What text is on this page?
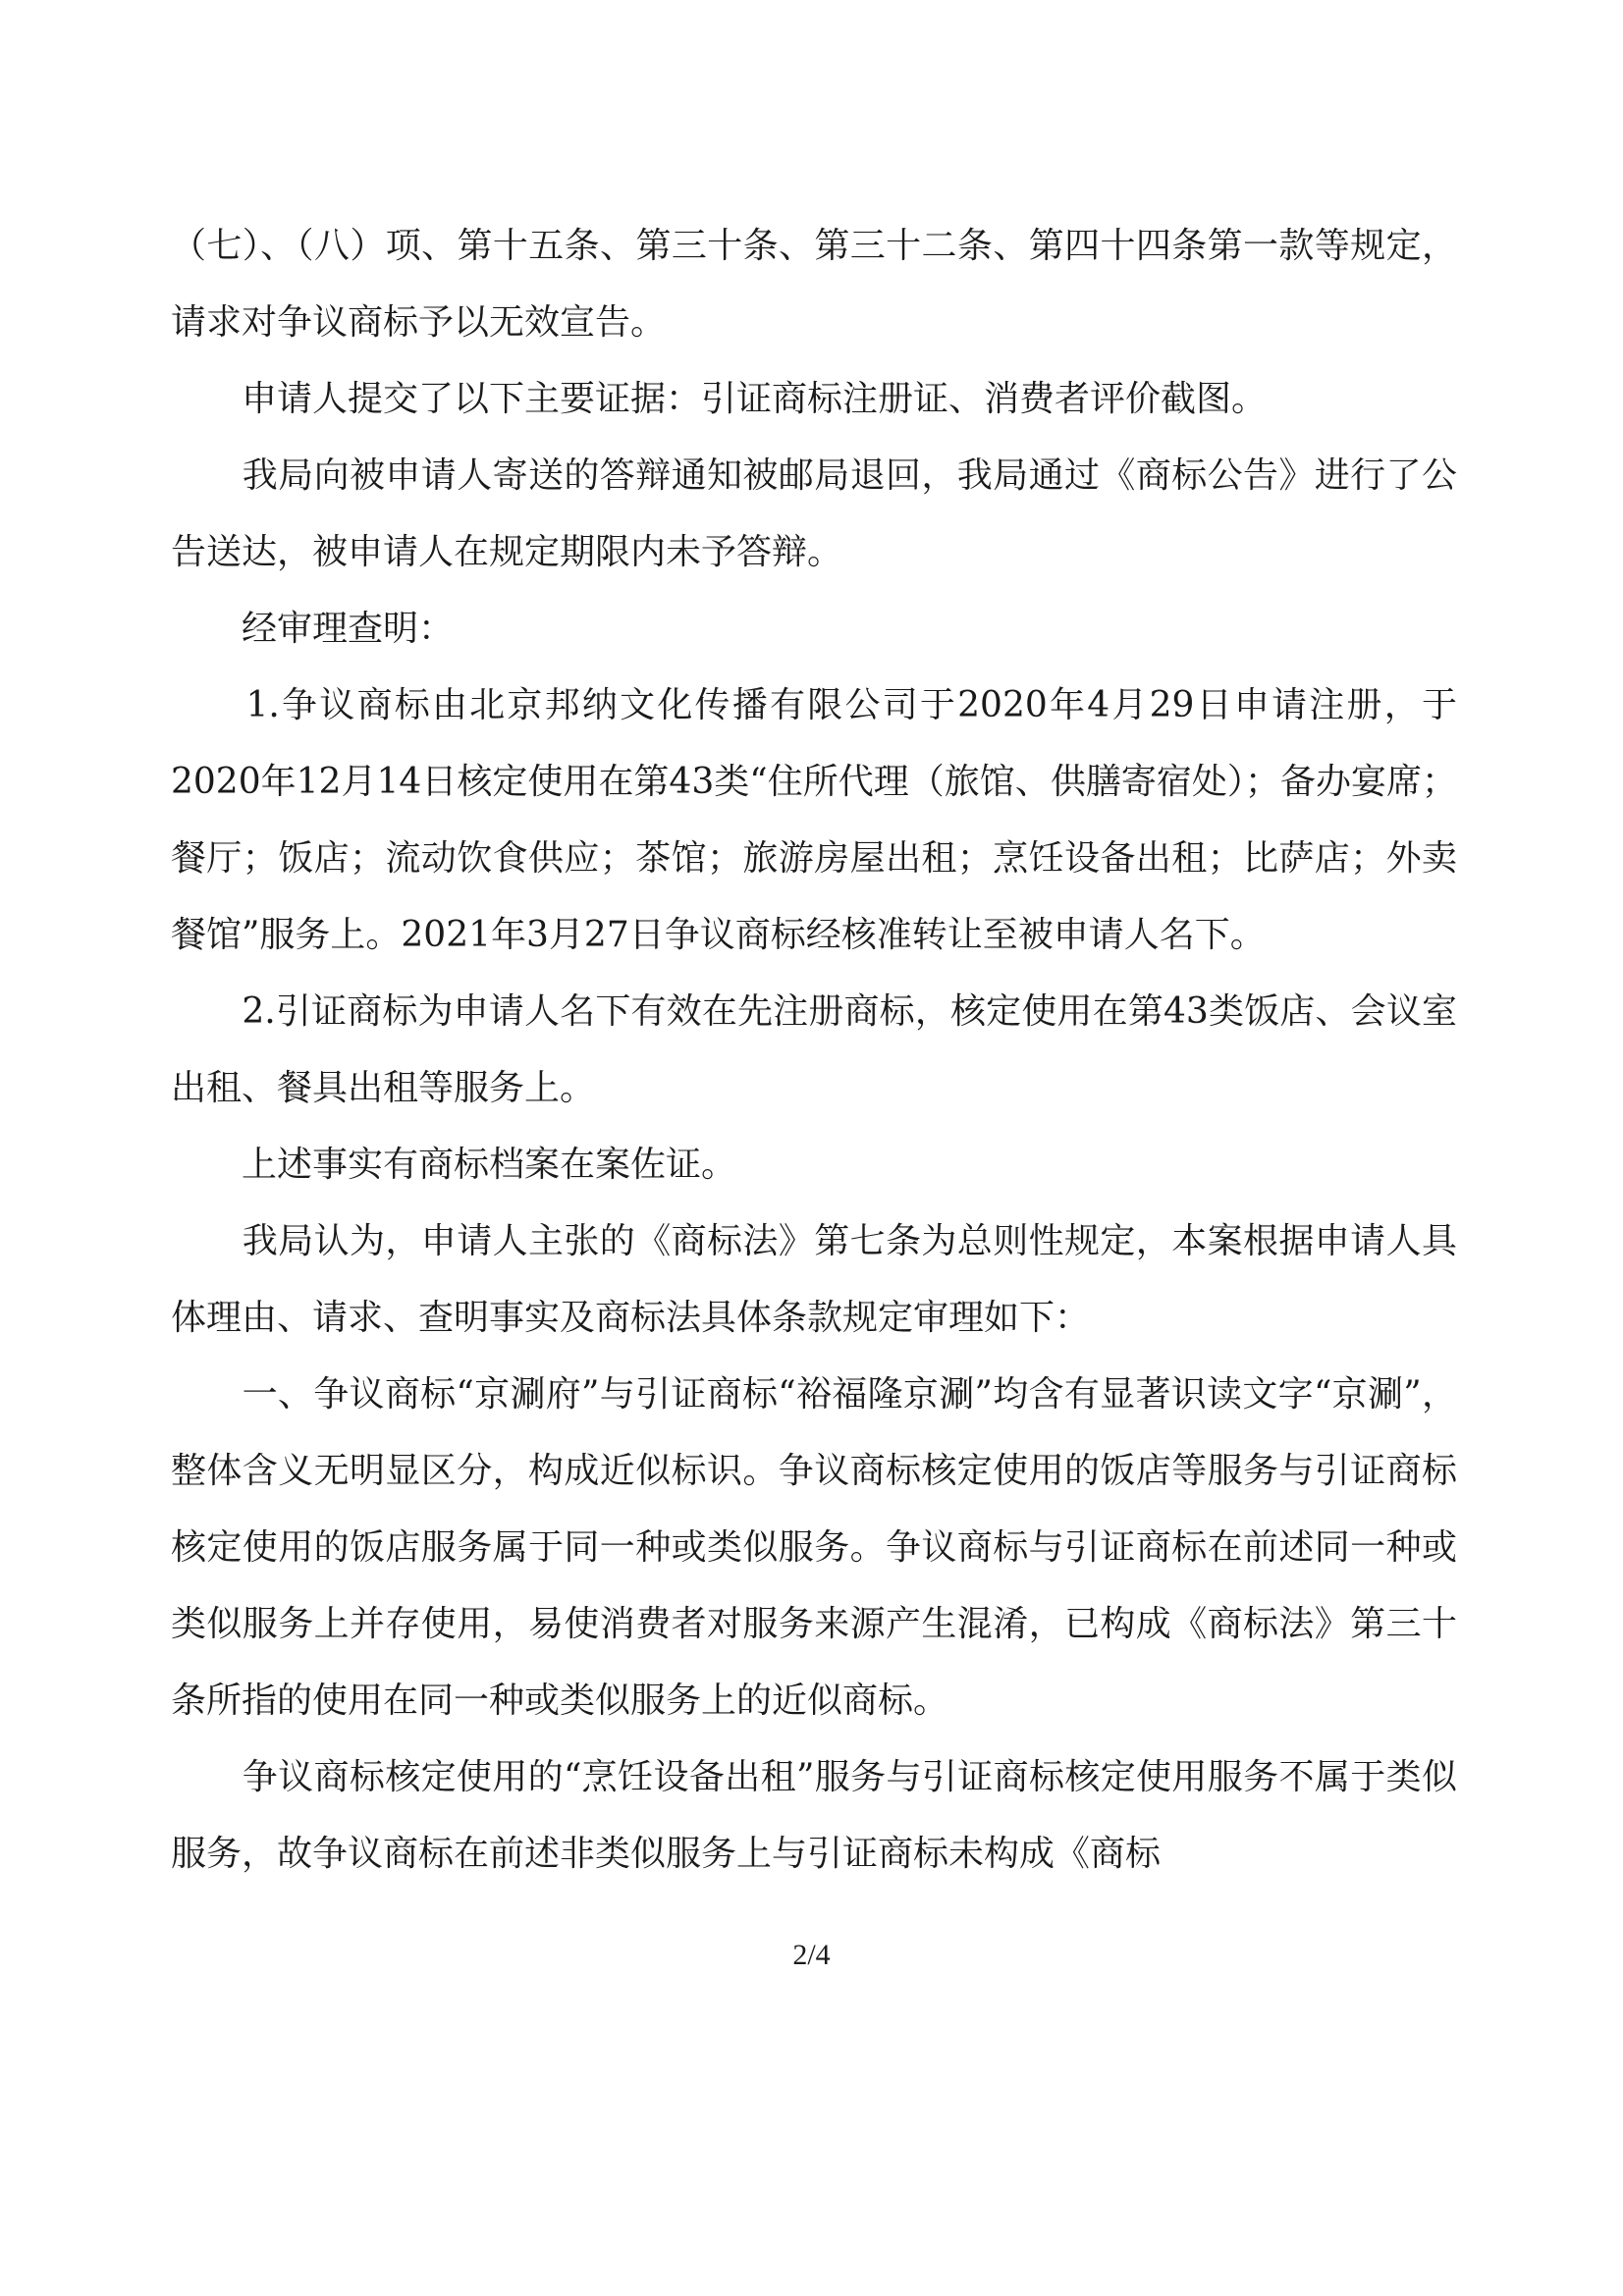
（七）、（八）项、第十五条、第三十条、第三十二条、第四十四条第一款等规定，请求对争议商标予以无效宣告。

　　申请人提交了以下主要证据：引证商标注册证、消费者评价截图。

　　我局向被申请人寄送的答辩通知被邮局退回，我局通过《商标公告》进行了公告送达，被申请人在规定期限内未予答辩。

　　经审理查明：

　　1.争议商标由北京邦纳文化传播有限公司于2020年4月29日申请注册，于2020年12月14日核定使用在第43类“住所代理（旅馆、供膳寄宿处）；备办宴席；餐厅；饭店；流动饮食供应；茶馆；旅游房屋出租；烹饪设备出租；比萨店；外卖餐馆”服务上。2021年3月27日争议商标经核准转让至被申请人名下。

　　2.引证商标为申请人名下有效在先注册商标，核定使用在第43类饭店、会议室出租、餐具出租等服务上。

　　上述事实有商标档案在案佐证。

　　我局认为，申请人主张的《商标法》第七条为总则性规定，本案根据申请人具体理由、请求、查明事实及商标法具体条款规定审理如下：

　　一、争议商标“京涮府”与引证商标“裕福隆京涮”均含有显著识读文字“京涮”，整体含义无明显区分，构成近似标识。争议商标核定使用的饭店等服务与引证商标核定使用的饭店服务属于同一种或类似服务。争议商标与引证商标在前述同一种或类似服务上并存使用，易使消费者对服务来源产生混淆，已构成《商标法》第三十条所指的使用在同一种或类似服务上的近似商标。

　　争议商标核定使用的“烹饪设备出租”服务与引证商标核定使用服务不属于类似服务，故争议商标在前述非类似服务上与引证商标未构成《商标

2/4
